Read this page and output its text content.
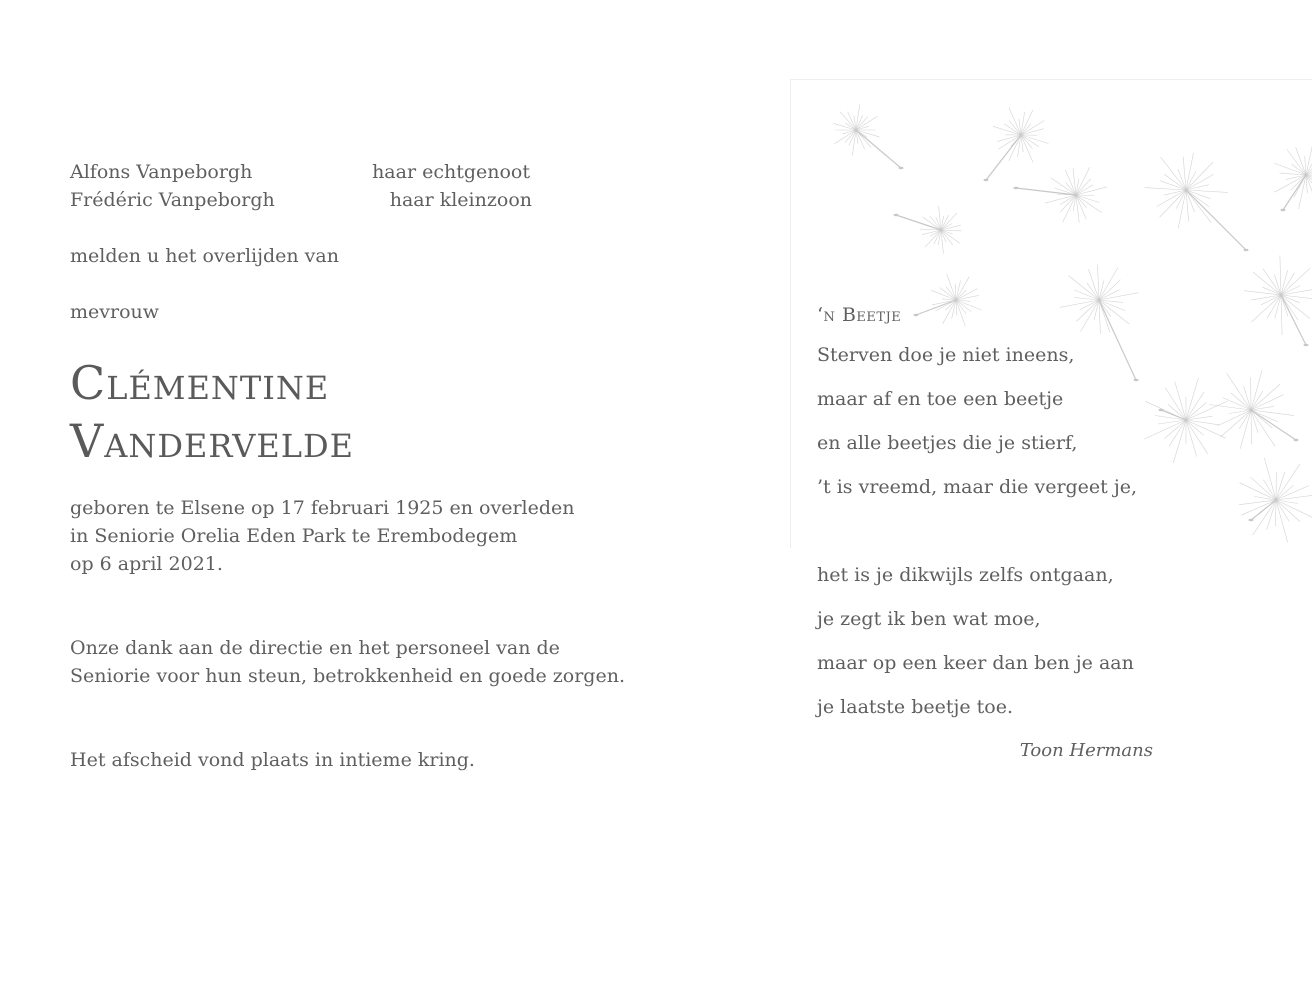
Alfons Vanpeborgh	haar echtgenoot
Frédéric Vanpeborgh	haar kleinzoon
melden u het overlijden van
mevrouw
Clémentine
Vandervelde
geboren te Elsene op 17 februari 1925 en overleden
in Seniorie Orelia Eden Park te Erembodegem
op 6 april 2021.
Onze dank aan de directie en het personeel van de
Seniorie voor hun steun, betrokkenheid en goede zorgen.
Het afscheid vond plaats in intieme kring.
‘n Beetje
Sterven doe je niet ineens,
maar af en toe een beetje
en alle beetjes die je stierf,
’t is vreemd, maar die vergeet je,
het is je dikwijls zelfs ontgaan,
je zegt ik ben wat moe,
maar op een keer dan ben je aan
je laatste beetje toe.
Toon Hermans
